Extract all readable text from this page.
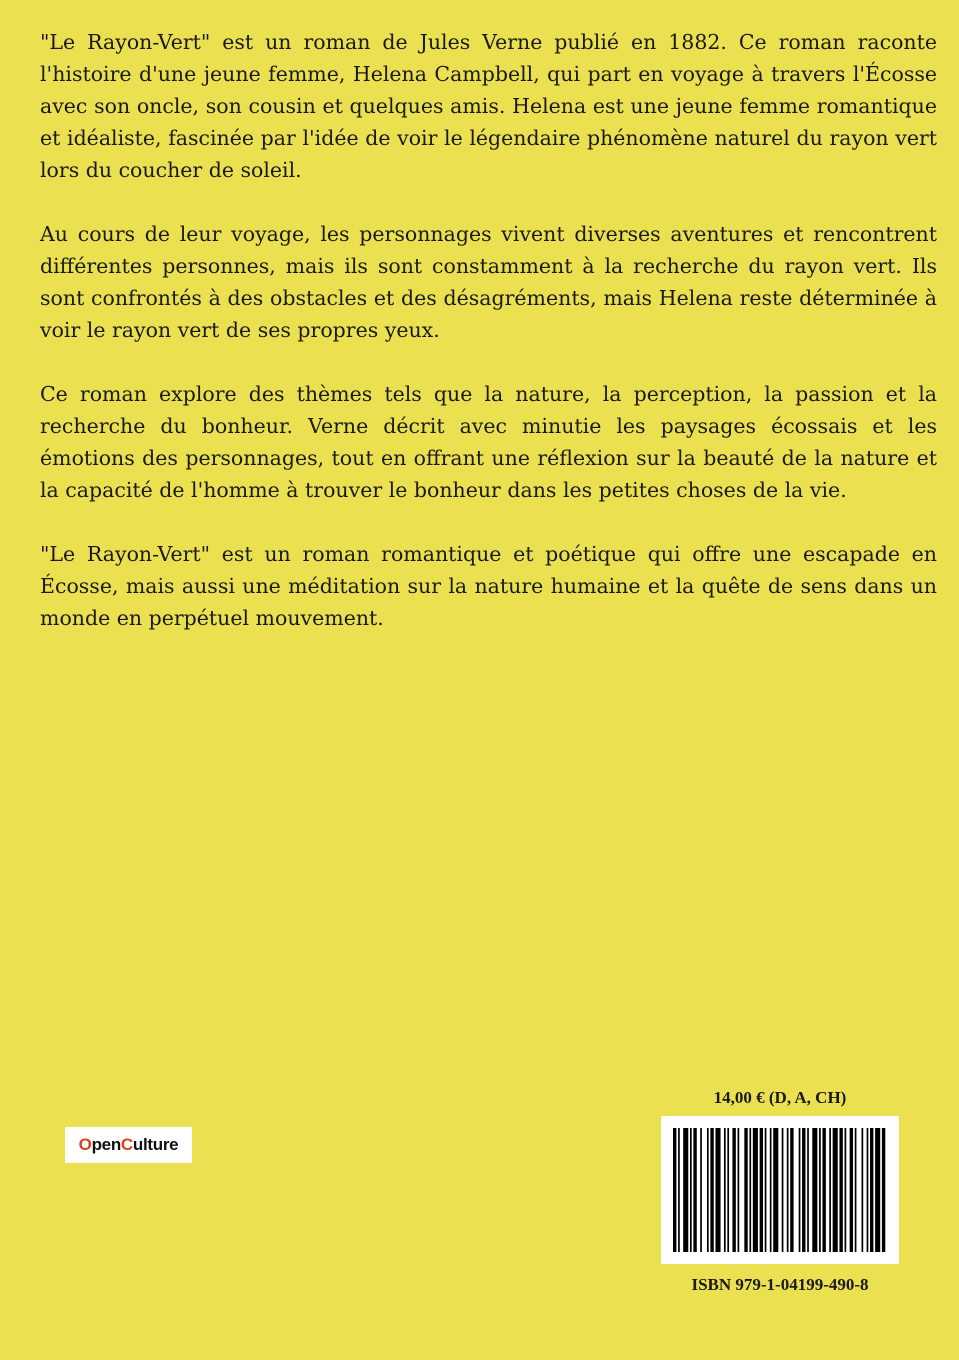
"Le Rayon-Vert" est un roman de Jules Verne publié en 1882. Ce roman raconte l'histoire d'une jeune femme, Helena Campbell, qui part en voyage à travers l'Écosse avec son oncle, son cousin et quelques amis. Helena est une jeune femme romantique et idéaliste, fascinée par l'idée de voir le légendaire phénomène naturel du rayon vert lors du coucher de soleil.

Au cours de leur voyage, les personnages vivent diverses aventures et rencontrent différentes personnes, mais ils sont constamment à la recherche du rayon vert. Ils sont confrontés à des obstacles et des désagréments, mais Helena reste déterminée à voir le rayon vert de ses propres yeux.

Ce roman explore des thèmes tels que la nature, la perception, la passion et la recherche du bonheur. Verne décrit avec minutie les paysages écossais et les émotions des personnages, tout en offrant une réflexion sur la beauté de la nature et la capacité de l'homme à trouver le bonheur dans les petites choses de la vie.

"Le Rayon-Vert" est un roman romantique et poétique qui offre une escapade en Écosse, mais aussi une méditation sur la nature humaine et la quête de sens dans un monde en perpétuel mouvement.

O pen C ulture
14,00 € (D, A, CH)
ISBN 979-1-04199-490-8
